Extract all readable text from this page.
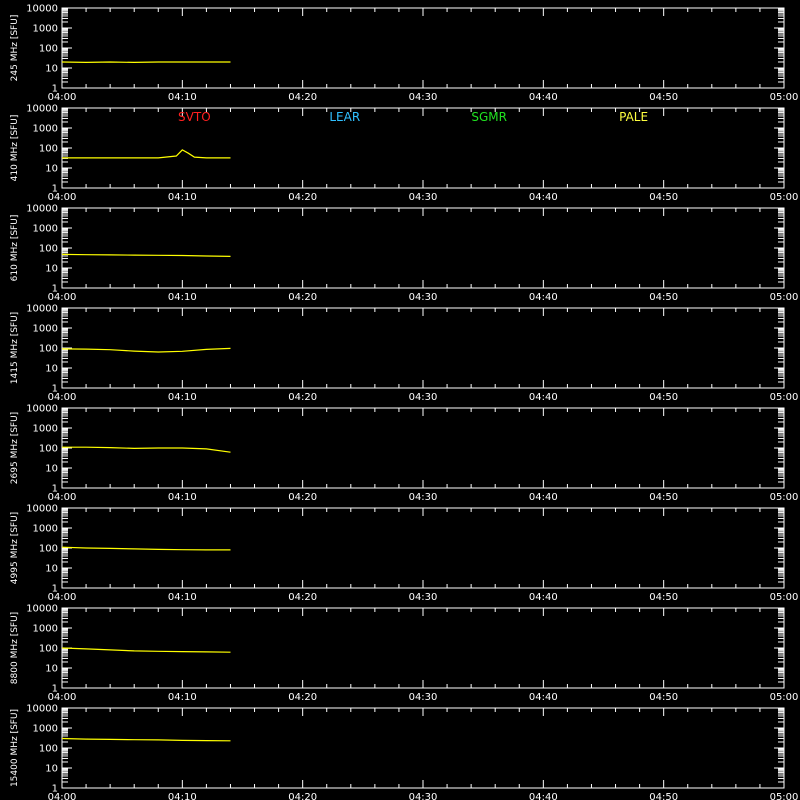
1
10
100
1000
10000
04:00	04:10	04:20	04:30	04:40	04:50	05:00
245 MHz [SFU]
1
10
100
1000
10000
04:00	04:10	04:20	04:30	04:40	04:50	05:00
410 MHz [SFU]	SVTO	LEAR	SGMR	PALE
1
10
100
1000
10000
04:00	04:10	04:20	04:30	04:40	04:50	05:00
610 MHz [SFU]
1
10
100
1000
10000
04:00	04:10	04:20	04:30	04:40	04:50	05:00
1415 MHz [SFU]
1
10
100
1000
10000
04:00	04:10	04:20	04:30	04:40	04:50	05:00
2695 MHz [SFU]
1
10
100
1000
10000
04:00	04:10	04:20	04:30	04:40	04:50	05:00
4995 MHz [SFU]
1
10
100
1000
10000
04:00	04:10	04:20	04:30	04:40	04:50	05:00
8800 MHz [SFU]
1
10
100
1000
10000
04:00	04:10	04:20	04:30	04:40	04:50	05:00
15400 MHz [SFU]
